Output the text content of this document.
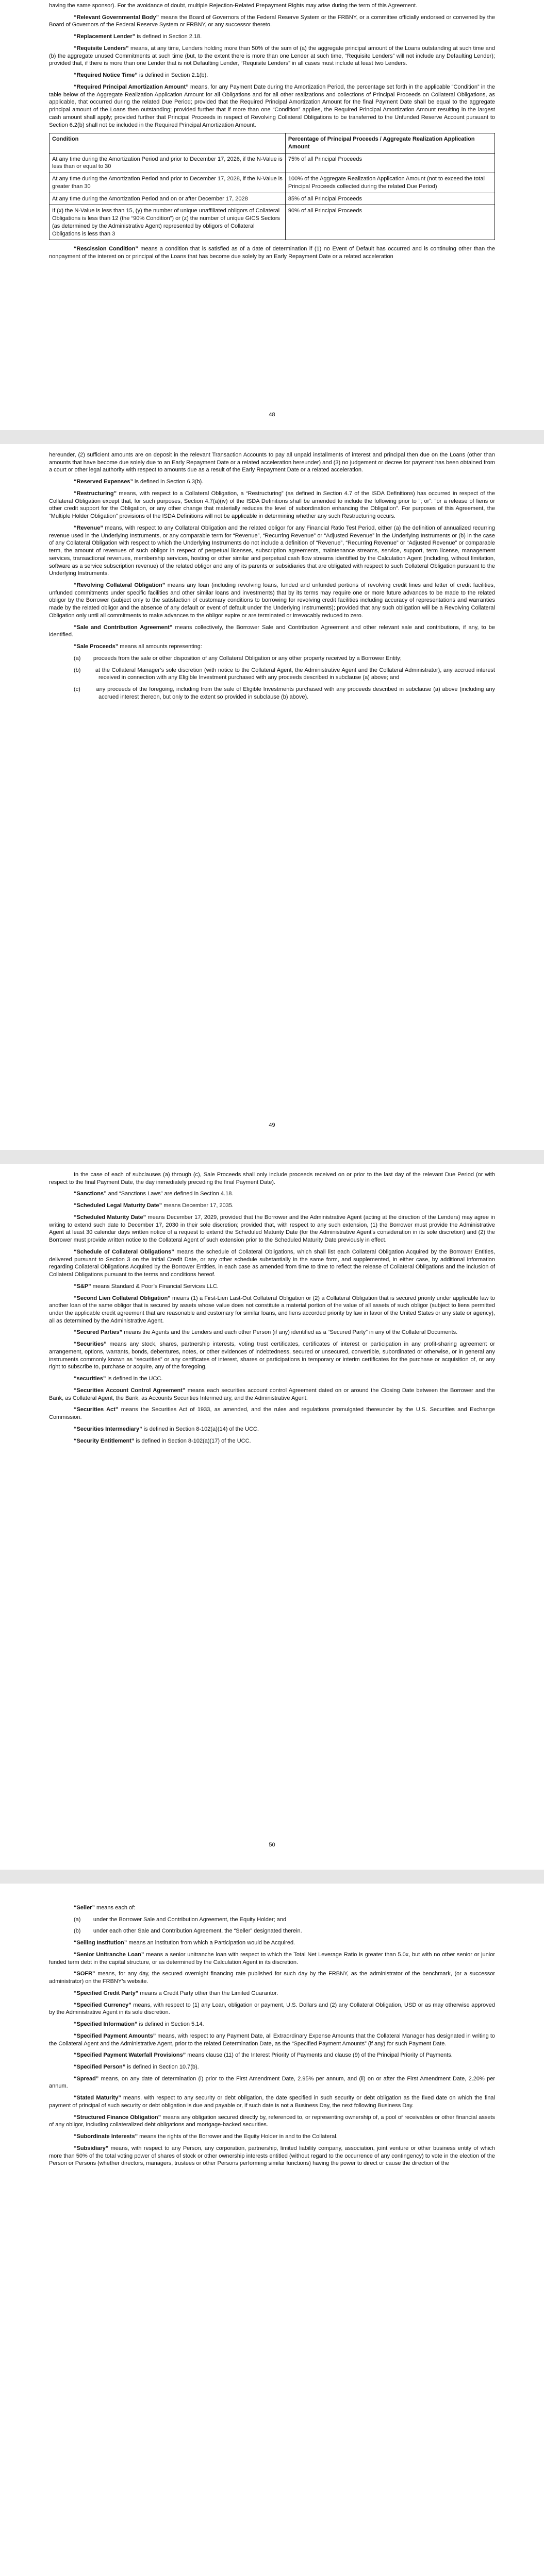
having the same sponsor). For the avoidance of doubt, multiple Rejection-Related Prepayment Rights may arise during the term of this Agreement.

“Relevant Governmental Body” means the Board of Governors of the Federal Reserve System or the FRBNY, or a committee officially endorsed or convened by the Board of Governors of the Federal Reserve System or FRBNY, or any successor thereto.

“Replacement Lender” is defined in Section 2.18.

“Requisite Lenders” means, at any time, Lenders holding more than 50% of the sum of (a) the aggregate principal amount of the Loans outstanding at such time and (b) the aggregate unused Commitments at such time (but, to the extent there is more than one Lender at such time, “Requisite Lenders” will not include any Defaulting Lender); provided that, if there is more than one Lender that is not Defaulting Lender, “Requisite Lenders” in all cases must include at least two Lenders.

“Required Notice Time” is defined in Section 2.1(b).

“Required Principal Amortization Amount” means, for any Payment Date during the Amortization Period, the percentage set forth in the applicable “Condition” in the table below of the Aggregate Realization Application Amount for all Obligations and for all other realizations and collections of Principal Proceeds on Collateral Obligations, as applicable, that occurred during the related Due Period; provided that the Required Principal Amortization Amount for the final Payment Date shall be equal to the aggregate principal amount of the Loans then outstanding; provided further that if more than one “Condition” applies, the Required Principal Amortization Amount resulting in the largest cash amount shall apply; provided further that Principal Proceeds in respect of Revolving Collateral Obligations to be transferred to the Unfunded Reserve Account pursuant to Section 6.2(b) shall not be included in the Required Principal Amortization Amount.

Condition	Percentage of Principal Proceeds / Aggregate Realization Application Amount
At any time during the Amortization Period and prior to December 17, 2026, if the N-Value is less than or equal to 30	75% of all Principal Proceeds
At any time during the Amortization Period and prior to December 17, 2028, if the N-Value is greater than 30	100% of the Aggregate Realization Application Amount (not to exceed the total Principal Proceeds collected during the related Due Period)
At any time during the Amortization Period and on or after December 17, 2028	85% of all Principal Proceeds
If (x) the N-Value is less than 15, (y) the number of unique unaffiliated obligors of Collateral Obligations is less than 12 (the “90% Condition”) or (z) the number of unique GICS Sectors (as determined by the Administrative Agent) represented by obligors of Collateral Obligations is less than 3	90% of all Principal Proceeds

“Rescission Condition” means a condition that is satisfied as of a date of determination if (1) no Event of Default has occurred and is continuing other than the nonpayment of the interest on or principal of the Loans that has become due solely by an Early Repayment Date or a related acceleration

48

hereunder, (2) sufficient amounts are on deposit in the relevant Transaction Accounts to pay all unpaid installments of interest and principal then due on the Loans (other than amounts that have become due solely due to an Early Repayment Date or a related acceleration hereunder) and (3) no judgement or decree for payment has been obtained from a court or other legal authority with respect to amounts due as a result of the Early Repayment Date or a related acceleration.

“Reserved Expenses” is defined in Section 6.3(b).

“Restructuring” means, with respect to a Collateral Obligation, a “Restructuring” (as defined in Section 4.7 of the ISDA Definitions) has occurred in respect of the Collateral Obligation except that, for such purposes, Section 4.7(a)(iv) of the ISDA Definitions shall be amended to include the following prior to “; or”: “or a release of liens or other credit support for the Obligation, or any other change that materially reduces the level of subordination enhancing the Obligation”. For purposes of this Agreement, the “Multiple Holder Obligation” provisions of the ISDA Definitions will not be applicable in determining whether any such Restructuring occurs.

“Revenue” means, with respect to any Collateral Obligation and the related obligor for any Financial Ratio Test Period, either (a) the definition of annualized recurring revenue used in the Underlying Instruments, or any comparable term for “Revenue”, “Recurring Revenue” or “Adjusted Revenue” in the Underlying Instruments or (b) in the case of any Collateral Obligation with respect to which the Underlying Instruments do not include a definition of “Revenue”, “Recurring Revenue” or “Adjusted Revenue” or comparable term, the amount of revenues of such obligor in respect of perpetual licenses, subscription agreements, maintenance streams, service, support, term license, management services, transactional revenues, membership services, hosting or other similar and perpetual cash flow streams identified by the Calculation Agent (including, without limitation, software as a service subscription revenue) of the related obligor and any of its parents or subsidiaries that are obligated with respect to such Collateral Obligation pursuant to the Underlying Instruments.

“Revolving Collateral Obligation” means any loan (including revolving loans, funded and unfunded portions of revolving credit lines and letter of credit facilities, unfunded commitments under specific facilities and other similar loans and investments) that by its terms may require one or more future advances to be made to the related obligor by the Borrower (subject only to the satisfaction of customary conditions to borrowing for revolving credit facilities including accuracy of representations and warranties made by the related obligor and the absence of any default or event of default under the Underlying Instruments); provided that any such obligation will be a Revolving Collateral Obligation only until all commitments to make advances to the obligor expire or are terminated or irrevocably reduced to zero.

“Sale and Contribution Agreement” means collectively, the Borrower Sale and Contribution Agreement and other relevant sale and contributions, if any, to be identified.

“Sale Proceeds” means all amounts representing:

(a)        proceeds from the sale or other disposition of any Collateral Obligation or any other property received by a Borrower Entity;

(b)        at the Collateral Manager’s sole discretion (with notice to the Collateral Agent, the Administrative Agent and the Collateral Administrator), any accrued interest received in connection with any Eligible Investment purchased with any proceeds described in subclause (a) above; and

(c)        any proceeds of the foregoing, including from the sale of Eligible Investments purchased with any proceeds described in subclause (a) above (including any accrued interest thereon, but only to the extent so provided in subclause (b) above).

49

In the case of each of subclauses (a) through (c), Sale Proceeds shall only include proceeds received on or prior to the last day of the relevant Due Period (or with respect to the final Payment Date, the day immediately preceding the final Payment Date).

“Sanctions” and “Sanctions Laws” are defined in Section 4.18.

“Scheduled Legal Maturity Date” means December 17, 2035.

“Scheduled Maturity Date” means December 17, 2029, provided that the Borrower and the Administrative Agent (acting at the direction of the Lenders) may agree in writing to extend such date to December 17, 2030 in their sole discretion; provided that, with respect to any such extension, (1) the Borrower must provide the Administrative Agent at least 30 calendar days written notice of a request to extend the Scheduled Maturity Date (for the Administrative Agent’s consideration in its sole discretion) and (2) the Borrower must provide written notice to the Collateral Agent of such extension prior to the Scheduled Maturity Date previously in effect.

“Schedule of Collateral Obligations” means the schedule of Collateral Obligations, which shall list each Collateral Obligation Acquired by the Borrower Entities, delivered pursuant to Section 3 on the Initial Credit Date, or any other schedule substantially in the same form, and supplemented, in either case, by additional information regarding Collateral Obligations Acquired by the Borrower Entities, in each case as amended from time to time to reflect the release of Collateral Obligations and the inclusion of Collateral Obligations pursuant to the terms and conditions hereof.

“S&P” means Standard & Poor’s Financial Services LLC.

“Second Lien Collateral Obligation” means (1) a First-Lien Last-Out Collateral Obligation or (2) a Collateral Obligation that is secured priority under applicable law to another loan of the same obligor that is secured by assets whose value does not constitute a material portion of the value of all assets of such obligor (subject to liens permitted under the applicable credit agreement that are reasonable and customary for similar loans, and liens accorded priority by law in favor of the United States or any state or agency), all as determined by the Administrative Agent.

“Secured Parties” means the Agents and the Lenders and each other Person (if any) identified as a “Secured Party” in any of the Collateral Documents.

“Securities” means any stock, shares, partnership interests, voting trust certificates, certificates of interest or participation in any profit-sharing agreement or arrangement, options, warrants, bonds, debentures, notes, or other evidences of indebtedness, secured or unsecured, convertible, subordinated or otherwise, or in general any instruments commonly known as “securities” or any certificates of interest, shares or participations in temporary or interim certificates for the purchase or acquisition of, or any right to subscribe to, purchase or acquire, any of the foregoing.

“securities” is defined in the UCC.

“Securities Account Control Agreement” means each securities account control Agreement dated on or around the Closing Date between the Borrower and the Bank, as Collateral Agent, the Bank, as Accounts Securities Intermediary, and the Administrative Agent.

“Securities Act” means the Securities Act of 1933, as amended, and the rules and regulations promulgated thereunder by the U.S. Securities and Exchange Commission.

“Securities Intermediary” is defined in Section 8-102(a)(14) of the UCC.

“Security Entitlement” is defined in Section 8-102(a)(17) of the UCC.

50

“Seller” means each of:

(a)        under the Borrower Sale and Contribution Agreement, the Equity Holder; and

(b)        under each other Sale and Contribution Agreement, the “Seller” designated therein.

“Selling Institution” means an institution from which a Participation would be Acquired.

“Senior Unitranche Loan” means a senior unitranche loan with respect to which the Total Net Leverage Ratio is greater than 5.0x, but with no other senior or junior funded term debt in the capital structure, or as determined by the Calculation Agent in its discretion.

“SOFR” means, for any day, the secured overnight financing rate published for such day by the FRBNY, as the administrator of the benchmark, (or a successor administrator) on the FRBNY’s website.

“Specified Credit Party” means a Credit Party other than the Limited Guarantor.

“Specified Currency” means, with respect to (1) any Loan, obligation or payment, U.S. Dollars and (2) any Collateral Obligation, USD or as may otherwise approved by the Administrative Agent in its sole discretion.

“Specified Information” is defined in Section 5.14.

“Specified Payment Amounts” means, with respect to any Payment Date, all Extraordinary Expense Amounts that the Collateral Manager has designated in writing to the Collateral Agent and the Administrative Agent, prior to the related Determination Date, as the “Specified Payment Amounts” (if any) for such Payment Date.

“Specified Payment Waterfall Provisions” means clause (11) of the Interest Priority of Payments and clause (9) of the Principal Priority of Payments.

“Specified Person” is defined in Section 10.7(b).

“Spread” means, on any date of determination (i) prior to the First Amendment Date, 2.95% per annum, and (ii) on or after the First Amendment Date, 2.20% per annum.

“Stated Maturity” means, with respect to any security or debt obligation, the date specified in such security or debt obligation as the fixed date on which the final payment of principal of such security or debt obligation is due and payable or, if such date is not a Business Day, the next following Business Day.

“Structured Finance Obligation” means any obligation secured directly by, referenced to, or representing ownership of, a pool of receivables or other financial assets of any obligor, including collateralized debt obligations and mortgage-backed securities.

“Subordinate Interests” means the rights of the Borrower and the Equity Holder in and to the Collateral.

“Subsidiary” means, with respect to any Person, any corporation, partnership, limited liability company, association, joint venture or other business entity of which more than 50% of the total voting power of shares of stock or other ownership interests entitled (without regard to the occurrence of any contingency) to vote in the election of the Person or Persons (whether directors, managers, trustees or other Persons performing similar functions) having the power to direct or cause the direction of the
